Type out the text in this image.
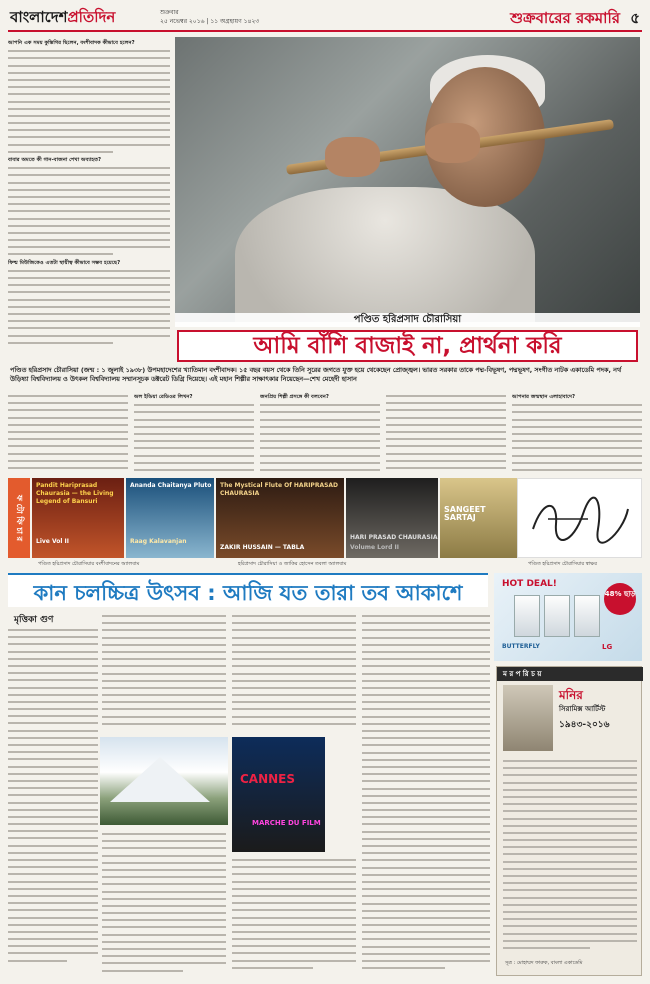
বাংলাদেশপ্রতিদিন	শুক্রবার
২৫ নভেম্বর ২০১৬ | ১১ অগ্রহায়ণ ১৪২৩	শুক্রবারের রকমারি ৫
আপনি এক সময় কুস্তিগির ছিলেন, বংশীবাদক কীভাবে হলেন?
বাবার অমতে কী গান-বাজনা শেখা অব্যাহত?
ফিল্ম মিউজিকেও এতটা স্থায়ীত্ব কীভাবে সম্ভব হয়েছে?
পণ্ডিত হরিপ্রসাদ চৌরাসিয়া
আমি বাঁশি বাজাই না, প্রার্থনা করি
পণ্ডিত হরিপ্রসাদ চৌরাসিয়া (জন্ম : ১ জুলাই ১৯৩৮) উপমহাদেশের খ্যাতিমান বংশীবাদক। ১৫ বছর বয়স থেকে তিনি সুরের জগতে যুক্ত হয়ে থেকেছেন প্রোজ্জ্বল। ভারত সরকার তাকে পদ্ম-বিভূষণ, পদ্মভূষণ, সংগীত নাটক একাডেমি পদক, নর্থ উড়িষ্যা বিশ্ববিদ্যালয় ও উৎকল বিশ্ববিদ্যালয় সম্মানসূচক ডক্টরেট ডিগ্রি দিয়েছে। এই মহান শিল্পীর সাক্ষাৎকার নিয়েছেন—শেখ মেহেদী হাসান
অল ইন্ডিয়া রেডিওর লিখন?	জনপ্রিয় শিল্পী প্রসঙ্গে কী বলবেন?	আপনার জন্মস্থান এলাহাবাদে?
ফ টো ফি চা র
Pandit Hariprasad Chaurasia — the Living Legend of Bansuri
Live Vol II
Ananda Chaitanya Pluto
Raag Kalavanjan
The Mystical Flute Of HARIPRASAD CHAURASIA
ZAKIR HUSSAIN — TABLA
HARI PRASAD CHAURASIA
Volume Lord II
SANGEET SARTAJ
পণ্ডিত হরিপ্রসাদ চৌরাসিয়ার বংশীবাদনের অ্যালবাম	হরিপ্রসাদ চৌরাসিয়া ও জাকির হোসেন তবলা অ্যালবাম	পণ্ডিত হরিপ্রসাদ চৌরাসিয়ার স্বাক্ষর
কান চলচ্চিত্র উৎসব : আজি যত তারা তব আকাশে	HOT DEAL!
48% ছাড়
BUTTERFLY	LG
মৃত্তিকা গুণ
CANNES
MARCHE DU FILM
ম র প রি চ য়
মনির
সিরামিক্স আর্টিস্ট
১৯৪৩-২০১৬
সূত্র : মোহাম্মদ ফারুক, বাংলা একাডেমি
